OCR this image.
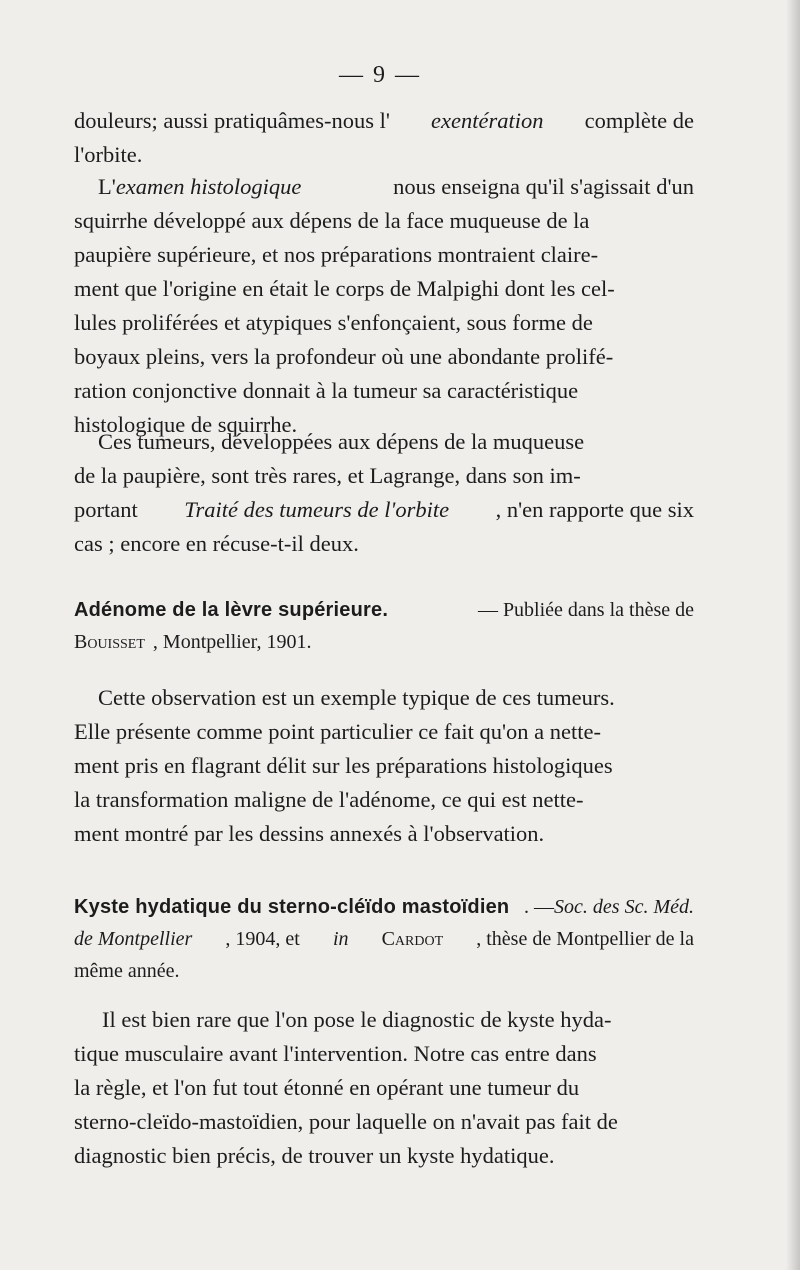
— 9 —
douleurs; aussi pratiquâmes-nous l' exentération complète de
l'orbite.
L'examen histologique	nous enseigna qu'il s'agissait d'un
squirrhe développé aux dépens de la face muqueuse de la
paupière supérieure, et nos préparations montraient claire-
ment que l'origine en était le corps de Malpighi dont les cel-
lules proliférées et atypiques s'enfonçaient, sous forme de
boyaux pleins, vers la profondeur où une abondante prolifé-
ration conjonctive donnait à la tumeur sa caractéristique
histologique de squirrhe.
Ces tumeurs, développées aux dépens de la muqueuse
de la paupière, sont très rares, et Lagrange, dans son im-
portant Traité des tumeurs de l'orbite , n'en rapporte que six
cas ; encore en récuse-t-il deux.
Adénome de la lèvre supérieure.	— Publiée dans la thèse de
Bouisset , Montpellier, 1901.
Cette observation est un exemple typique de ces tumeurs.
Elle présente comme point particulier ce fait qu'on a nette-
ment pris en flagrant délit sur les préparations histologiques
la transformation maligne de l'adénome, ce qui est nette-
ment montré par les dessins annexés à l'observation.
Kyste hydatique du sterno-cléïdo mastoïdien . —Soc. des Sc. Méd.
de Montpellier , 1904, et in Cardot , thèse de Montpellier de la
même année.
Il est bien rare que l'on pose le diagnostic de kyste hyda-
tique musculaire avant l'intervention. Notre cas entre dans
la règle, et l'on fut tout étonné en opérant une tumeur du
sterno-cleïdo-mastoïdien, pour laquelle on n'avait pas fait de
diagnostic bien précis, de trouver un kyste hydatique.
